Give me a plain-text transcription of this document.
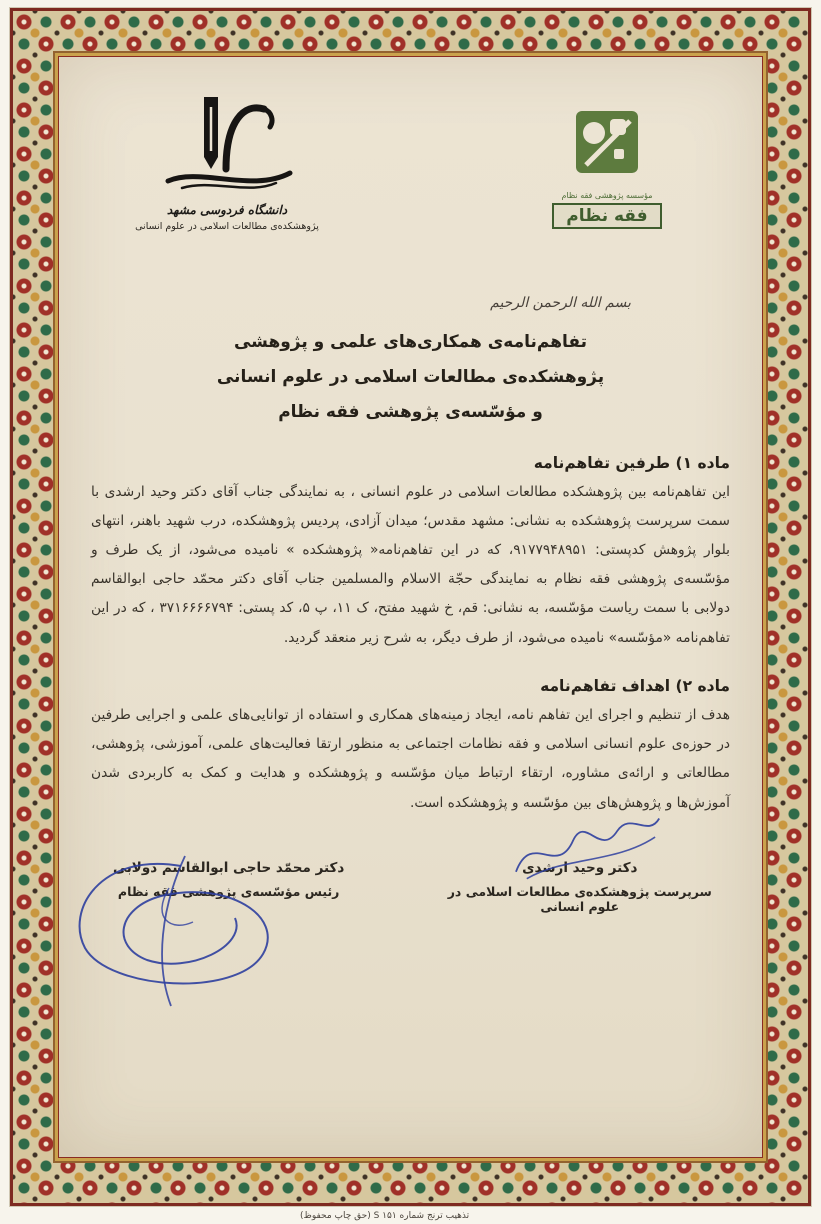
مؤسسه پژوهشی فقه نظام
فقه نظام
دانشگاه فردوسی مشهد
پژوهشکده‌ی مطالعات اسلامی در علوم انسانی
بسم الله الرحمن الرحیم
تفاهم‌نامه‌ی همکاری‌های علمی و پژوهشی
پژوهشکده‌ی مطالعات اسلامی در علوم انسانی
و مؤسّسه‌ی پژوهشی فقه نظام
ماده ۱) طرفین تفاهم‌نامه

این تفاهم‌نامه بین پژوهشکده مطالعات اسلامی در علوم انسانی ، به نمایندگی جناب آقای دکتر وحید ارشدی با سمت سرپرست پژوهشکده به نشانی: مشهد مقدس؛ میدان آزادی، پردیس پژوهشکده، درب شهید باهنر، انتهای بلوار پژوهش کدپستی: ۹۱۷۷۹۴۸۹۵۱، که در این تفاهم‌نامه« پژوهشکده » نامیده می‌شود، از یک طرف و مؤسّسه‌ی پژوهشی فقه نظام به نمایندگی حجّة الاسلام والمسلمین جناب آقای دکتر محمّد حاجی ابوالقاسم دولابی با سمت ریاست مؤسّسه، به نشانی: قم، خ شهید مفتح، ک ۱۱، پ ۵، کد پستی: ۳۷۱۶۶۶۶۷۹۴ ، که در این تفاهم‌نامه «مؤسّسه» نامیده می‌شود، از طرف دیگر، به شرح زیر منعقد گردید.

ماده ۲) اهداف تفاهم‌نامه

هدف از تنظیم و اجرای این تفاهم نامه، ایجاد زمینه‌های همکاری و استفاده از توانایی‌های علمی و اجرایی طرفین در حوزه‌ی علوم انسانی اسلامی و فقه نظامات اجتماعی به منظور ارتقا فعالیت‌های علمی، آموزشی، پژوهشی، مطالعاتی و ارائه‌ی مشاوره، ارتقاء ارتباط میان مؤسّسه و پژوهشکده و هدایت و کمک به کاربردی شدن آموزش‌ها و پژوهش‌های بین مؤسّسه و پژوهشکده است.

دکتر وحید ارشدی
سرپرست پژوهشکده‌ی مطالعات اسلامی در علوم انسانی
دکتر محمّد حاجی ابوالقاسم دولابی
رئیس مؤسّسه‌ی پژوهشی فقه نظام
تذهیب ترنج شماره S ۱۵۱ (حق چاپ محفوظ)
